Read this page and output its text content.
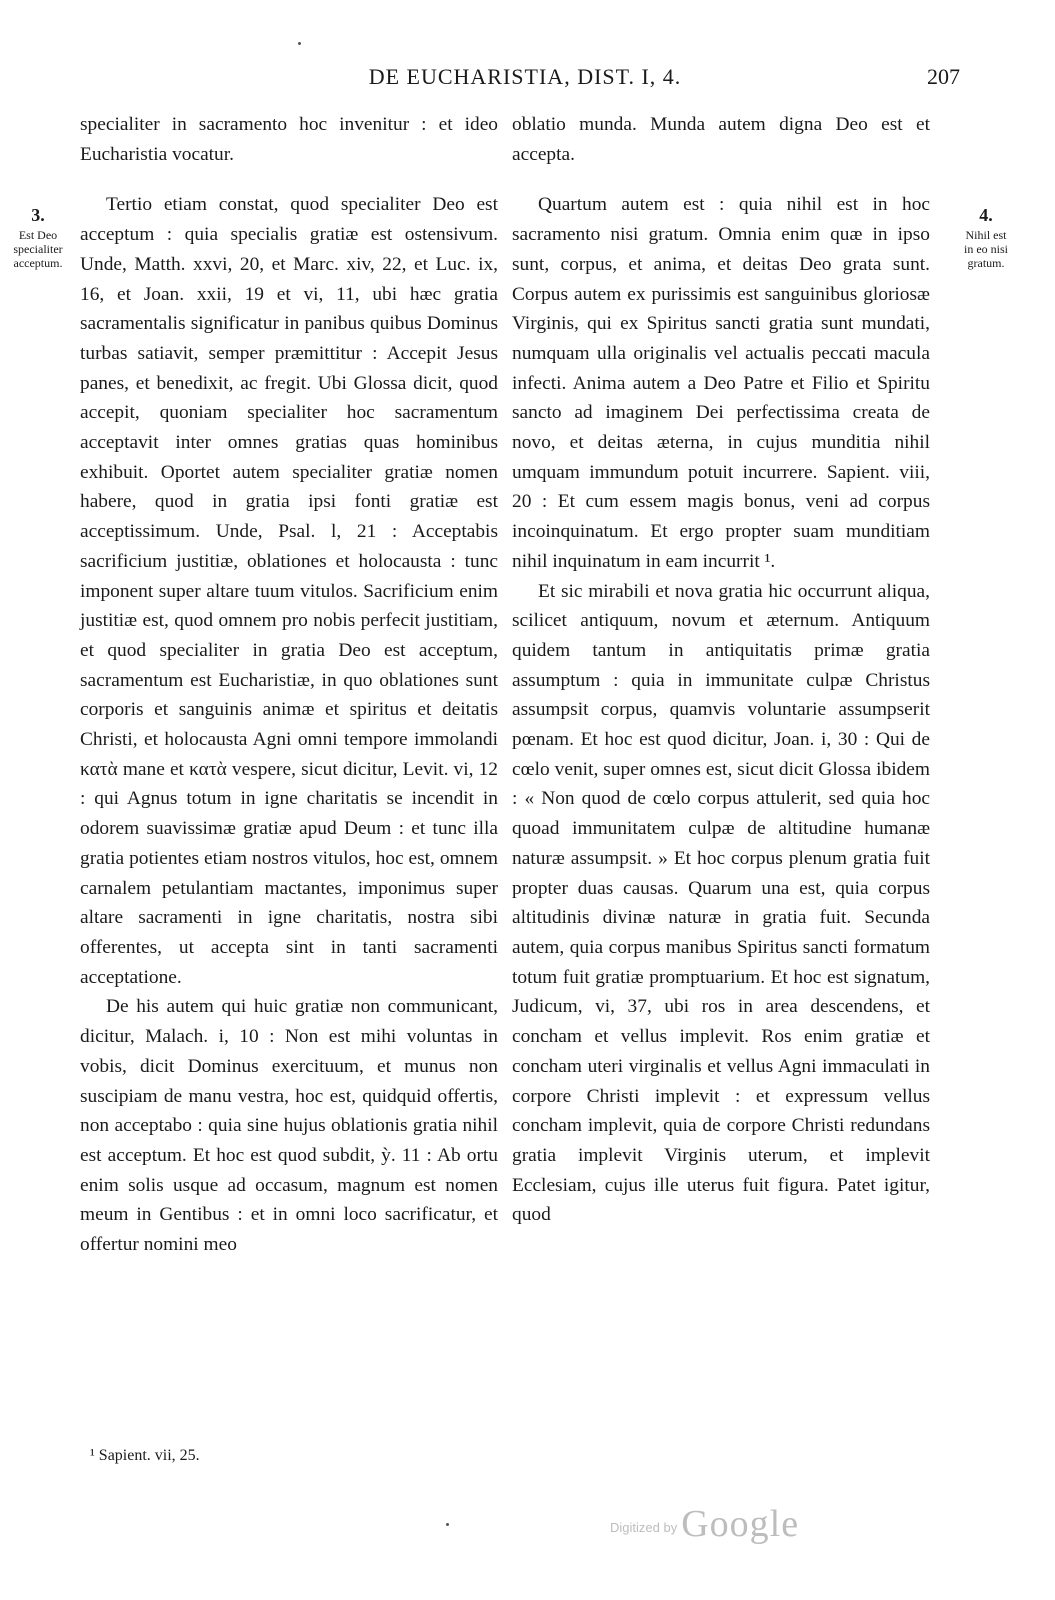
DE EUCHARISTIA, DIST. I, 4.	207
3.
Est Deo
specialiter
acceptum.
4.
Nihil est
in eo nisi
gratum.

specialiter in sacramento hoc invenitur : et ideo Eucharistia vocatur.

Tertio etiam constat, quod specialiter Deo est acceptum : quia specialis gratiæ est ostensivum. Unde, Matth. xxvi, 20, et Marc. xiv, 22, et Luc. ix, 16, et Joan. xxii, 19 et vi, 11, ubi hæc gratia sacramentalis significatur in panibus quibus Dominus turbas satiavit, semper præmittitur : Accepit Jesus panes, et benedixit, ac fregit. Ubi Glossa dicit, quod accepit, quoniam specialiter hoc sacramentum acceptavit inter omnes gratias quas hominibus exhibuit. Oportet autem specialiter gratiæ nomen habere, quod in gratia ipsi fonti gratiæ est acceptissimum. Unde, Psal. l, 21 : Acceptabis sacrificium justitiæ, oblationes et holocausta : tunc imponent super altare tuum vitulos. Sacrificium enim justitiæ est, quod omnem pro nobis perfecit justitiam, et quod specialiter in gratia Deo est acceptum, sacramentum est Eucharistiæ, in quo oblationes sunt corporis et sanguinis animæ et spiritus et deitatis Christi, et holocausta Agni omni tempore immolandi κατὰ mane et κατὰ vespere, sicut dicitur, Levit. vi, 12 : qui Agnus totum in igne charitatis se incendit in odorem suavissimæ gratiæ apud Deum : et tunc illa gratia potientes etiam nostros vitulos, hoc est, omnem carnalem petulantiam mactantes, imponimus super altare sacramenti in igne charitatis, nostra sibi offerentes, ut accepta sint in tanti sacramenti acceptatione.

De his autem qui huic gratiæ non communicant, dicitur, Malach. i, 10 : Non est mihi voluntas in vobis, dicit Dominus exercituum, et munus non suscipiam de manu vestra, hoc est, quidquid offertis, non acceptabo : quia sine hujus oblationis gratia nihil est acceptum. Et hoc est quod subdit, ỳ. 11 : Ab ortu enim solis usque ad occasum, magnum est nomen meum in Gentibus : et in omni loco sacrificatur, et offertur nomini meo

oblatio munda. Munda autem digna Deo est et accepta.

Quartum autem est : quia nihil est in hoc sacramento nisi gratum. Omnia enim quæ in ipso sunt, corpus, et anima, et deitas Deo grata sunt. Corpus autem ex purissimis est sanguinibus gloriosæ Virginis, qui ex Spiritus sancti gratia sunt mundati, numquam ulla originalis vel actualis peccati macula infecti. Anima autem a Deo Patre et Filio et Spiritu sancto ad imaginem Dei perfectissima creata de novo, et deitas æterna, in cujus munditia nihil umquam immundum potuit incurrere. Sapient. viii, 20 : Et cum essem magis bonus, veni ad corpus incoinquinatum. Et ergo propter suam munditiam nihil inquinatum in eam incurrit ¹.

Et sic mirabili et nova gratia hic occurrunt aliqua, scilicet antiquum, novum et æternum. Antiquum quidem tantum in antiquitatis primæ gratia assumptum : quia in immunitate culpæ Christus assumpsit corpus, quamvis voluntarie assumpserit pœnam. Et hoc est quod dicitur, Joan. i, 30 : Qui de cœlo venit, super omnes est, sicut dicit Glossa ibidem : « Non quod de cœlo corpus attulerit, sed quia hoc quoad immunitatem culpæ de altitudine humanæ naturæ assumpsit. » Et hoc corpus plenum gratia fuit propter duas causas. Quarum una est, quia corpus altitudinis divinæ naturæ in gratia fuit. Secunda autem, quia corpus manibus Spiritus sancti formatum totum fuit gratiæ promptuarium. Et hoc est signatum, Judicum, vi, 37, ubi ros in area descendens, et concham et vellus implevit. Ros enim gratiæ et concham uteri virginalis et vellus Agni immaculati in corpore Christi implevit : et expressum vellus concham implevit, quia de corpore Christi redundans gratia implevit Virginis uterum, et implevit Ecclesiam, cujus ille uterus fuit figura. Patet igitur, quod

¹ Sapient. vii, 25.
$^{Digitized by}$ Google
